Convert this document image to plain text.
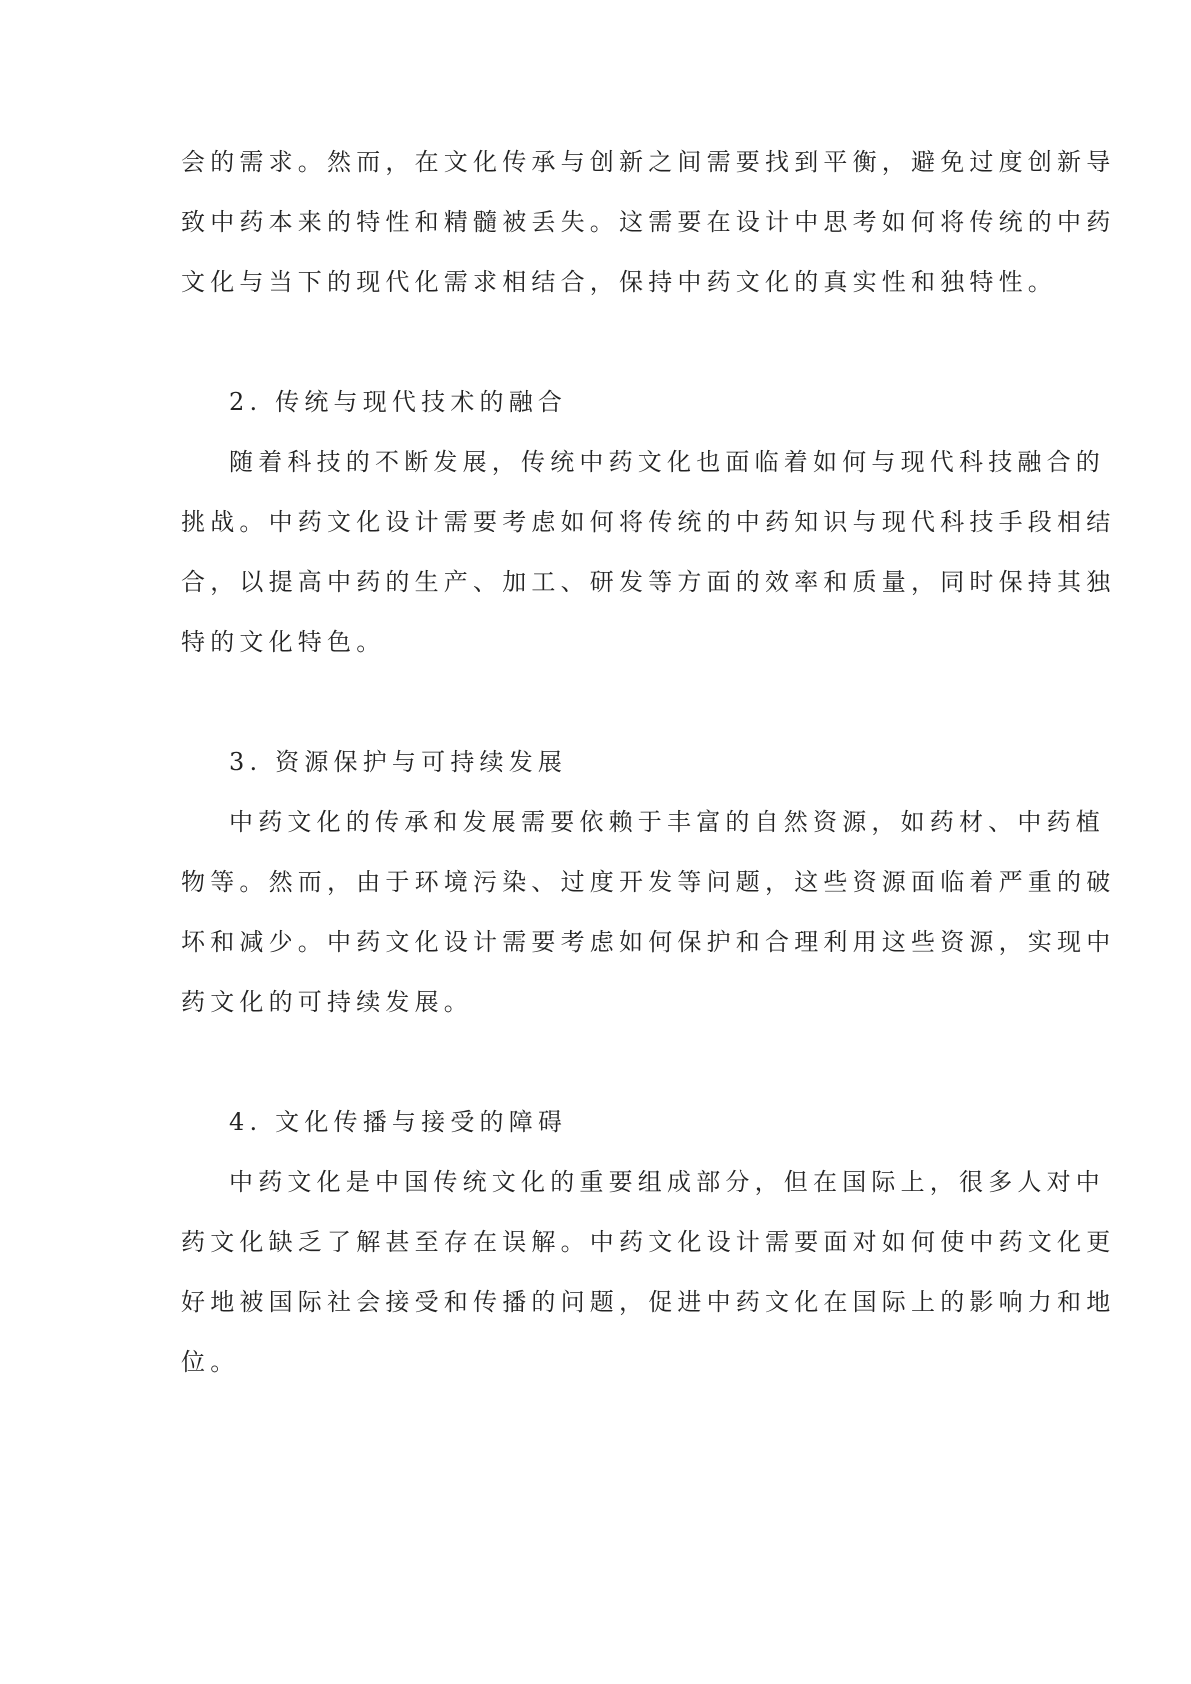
会的需求。然而，在文化传承与创新之间需要找到平衡，避免过度创新导
致中药本来的特性和精髓被丢失。这需要在设计中思考如何将传统的中药
文化与当下的现代化需求相结合，保持中药文化的真实性和独特性。
2. 传统与现代技术的融合
随着科技的不断发展，传统中药文化也面临着如何与现代科技融合的
挑战。中药文化设计需要考虑如何将传统的中药知识与现代科技手段相结
合，以提高中药的生产、加工、研发等方面的效率和质量，同时保持其独
特的文化特色。
3. 资源保护与可持续发展
中药文化的传承和发展需要依赖于丰富的自然资源，如药材、中药植
物等。然而，由于环境污染、过度开发等问题，这些资源面临着严重的破
坏和减少。中药文化设计需要考虑如何保护和合理利用这些资源，实现中
药文化的可持续发展。
4. 文化传播与接受的障碍
中药文化是中国传统文化的重要组成部分，但在国际上，很多人对中
药文化缺乏了解甚至存在误解。中药文化设计需要面对如何使中药文化更
好地被国际社会接受和传播的问题，促进中药文化在国际上的影响力和地
位。
